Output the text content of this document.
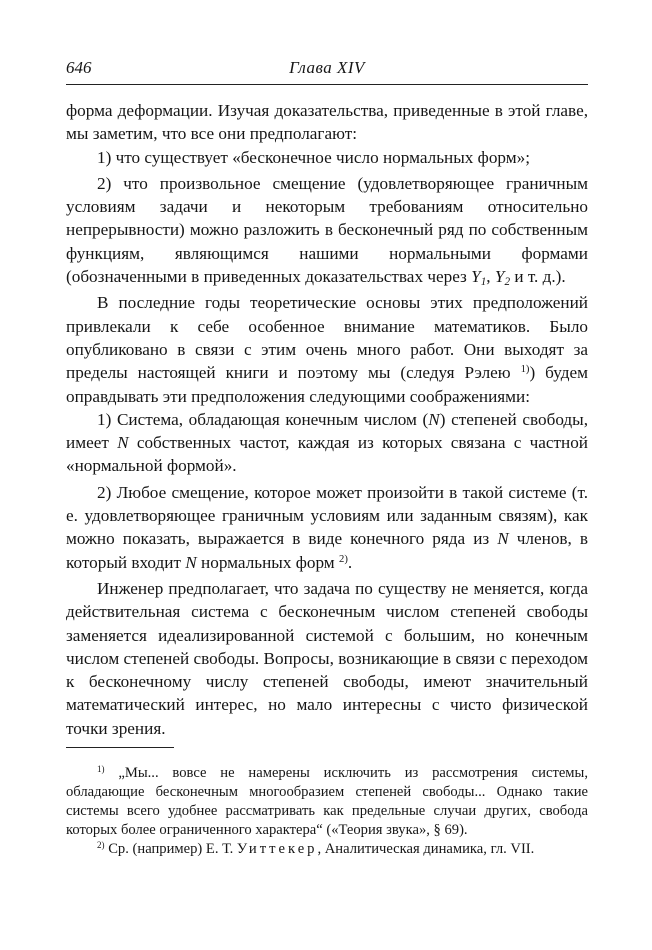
646	Глава XIV

форма деформации. Изучая доказательства, приведенные в этой главе, мы заметим, что все они предполагают:

1) что существует «бесконечное число нормальных форм»;

2) что произвольное смещение (удовлетворяющее граничным условиям задачи и некоторым требованиям относительно непрерывности) можно разложить в бесконечный ряд по собственным функциям, являющимся нашими нормальными формами (обозначенными в приведенных доказательствах через $Y_1$, $Y_2$ и т. д.).

В последние годы теоретические основы этих предположений привлекали к себе особенное внимание математиков. Было опубликовано в связи с этим очень много работ. Они выходят за пределы настоящей книги и поэтому мы (следуя Рэлею $^{1)}$) будем оправдывать эти предположения следующими соображениями:

1) Система, обладающая конечным числом (N) степеней свободы, имеет N собственных частот, каждая из которых связана с частной «нормальной формой».

2) Любое смещение, которое может произойти в такой системе (т. е. удовлетворяющее граничным условиям или заданным связям), как можно показать, выражается в виде конечного ряда из N членов, в который входит N нормальных форм $^{2)}$.

Инженер предполагает, что задача по существу не меняется, когда действительная система с бесконечным числом степеней свободы заменяется идеализированной системой с большим, но конечным числом степеней свободы. Вопросы, возникающие в связи с переходом к бесконечному числу степеней свободы, имеют значительный математический интерес, но мало интересны с чисто физической точки зрения.

$^{1)}$ „Мы... вовсе не намерены исключить из рассмотрения системы, обладающие бесконечным многообразием степеней свободы... Однако такие системы всего удобнее рассматривать как предельные случаи других, свобода которых более ограниченного характера“ («Теория звука», § 69).

$^{2)}$ Ср. (например) Е. Т. Уиттекер, Аналитическая динамика, гл. VII.
